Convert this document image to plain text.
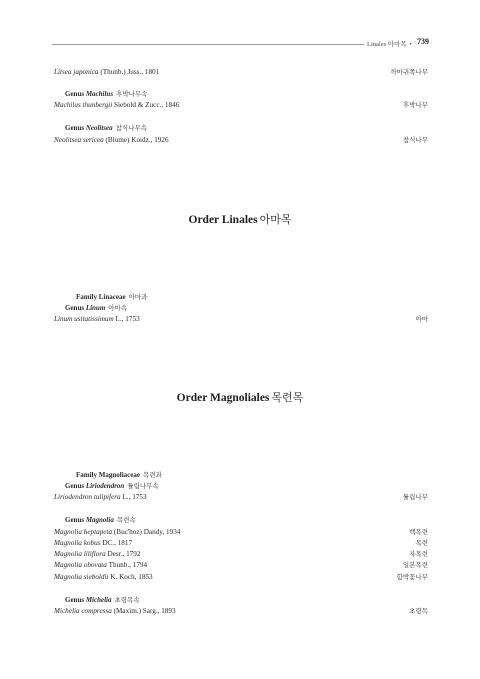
Linales 아마목 • 739
Litsea japonica (Thunb.) Juss., 1801	까마귀쪽나무
Genus Machilus 후박나무속
Machilus thunbergii Siebold & Zucc., 1846	후박나무
Genus Neolitsea 참식나무속
Neolitsea sericea (Blume) Koidz., 1926	참식나무
Order Linales 아마목
Family Linaceae 아마과
Genus Linum 아마속
Linum usitatissimum L., 1753	아마
Order Magnoliales 목련목
Family Magnoliaceae 목련과
Genus Liriodendron 튤립나무속
Liriodendron tulipifera L., 1753	튤립나무
Genus Magnolia 목련속
Magnolia heptapeta (Buc'hoz) Dandy, 1934	백목련
Magnolia kobus DC., 1817	목련
Magnolia liliflora Desr., 1792	자목련
Magnolia obovata Thunb., 1794	일본목련
Magnolia sieboldii K. Koch, 1853	함박꽃나무
Genus Michelia 초령목속
Michelia compressa (Maxim.) Sarg., 1893	초령목
